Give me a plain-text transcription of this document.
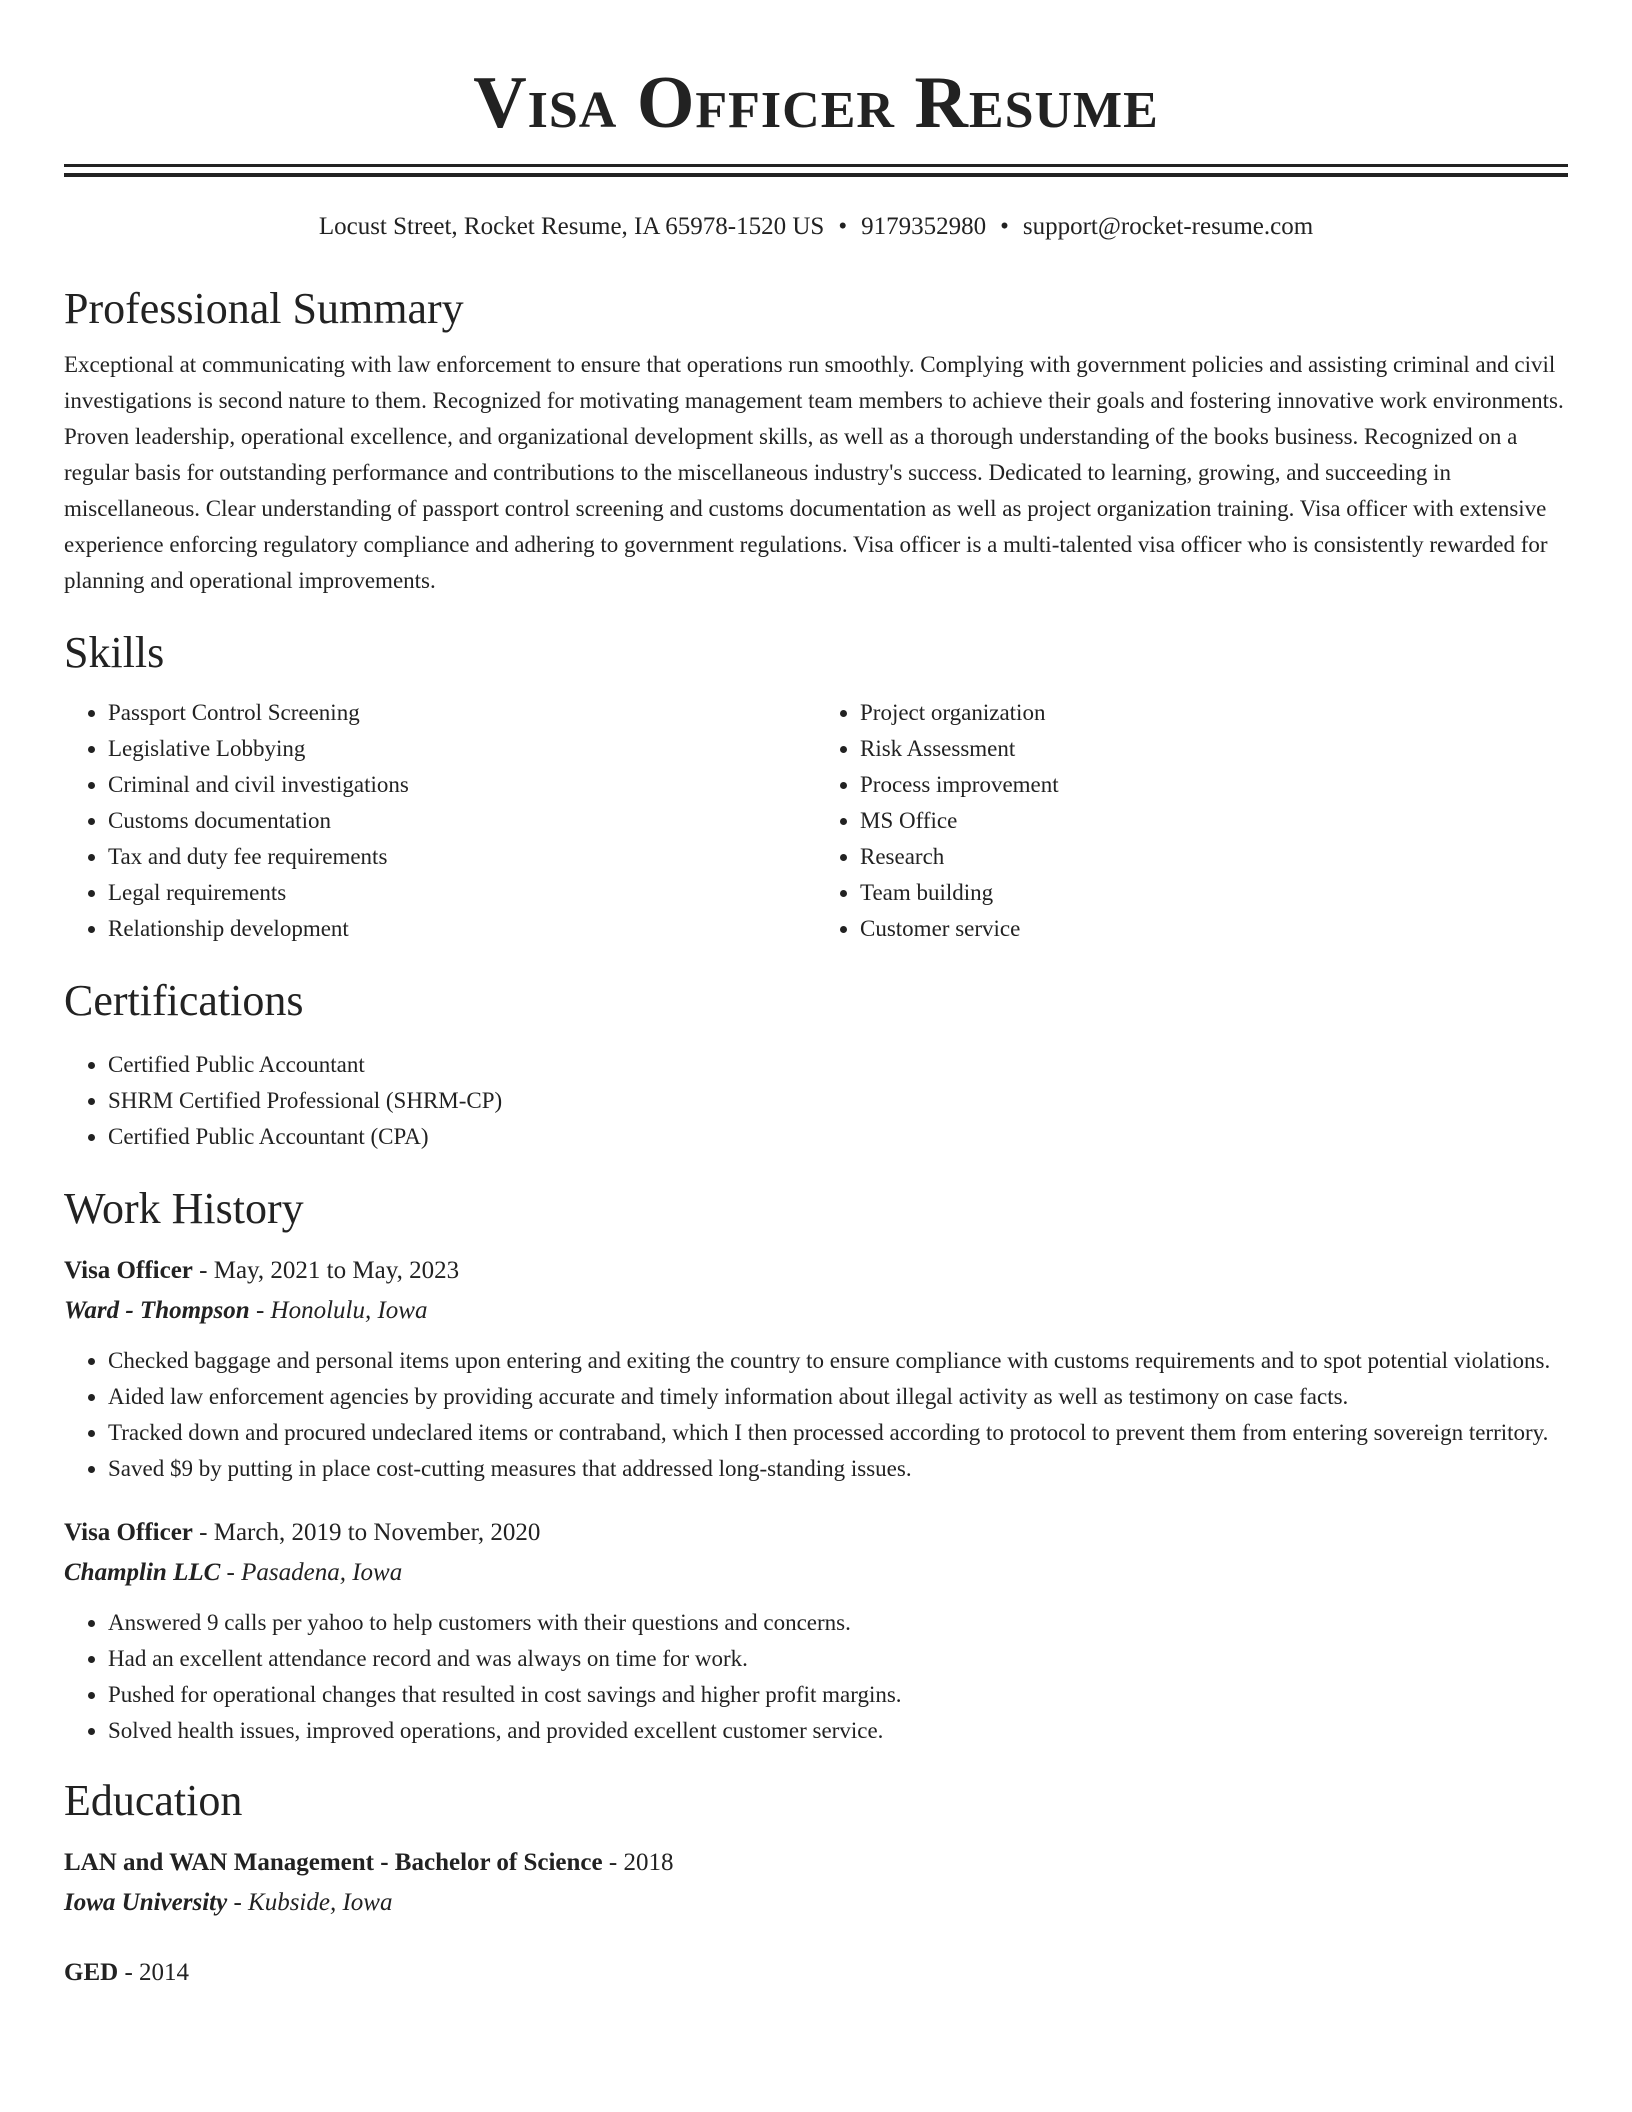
Visa Officer Resume
Locust Street, Rocket Resume, IA 65978-1520 US • 9179352980 • support@rocket-resume.com
Professional Summary

Exceptional at communicating with law enforcement to ensure that operations run smoothly. Complying with government policies and assisting criminal and civil investigations is second nature to them. Recognized for motivating management team members to achieve their goals and fostering innovative work environments. Proven leadership, operational excellence, and organizational development skills, as well as a thorough understanding of the books business. Recognized on a regular basis for outstanding performance and contributions to the miscellaneous industry's success. Dedicated to learning, growing, and succeeding in miscellaneous. Clear understanding of passport control screening and customs documentation as well as project organization training. Visa officer with extensive experience enforcing regulatory compliance and adhering to government regulations. Visa officer is a multi-talented visa officer who is consistently rewarded for planning and operational improvements.

Skills
• Passport Control Screening
• Legislative Lobbying
• Criminal and civil investigations
• Customs documentation
• Tax and duty fee requirements
• Legal requirements
• Relationship development
• Project organization
• Risk Assessment
• Process improvement
• MS Office
• Research
• Team building
• Customer service
Certifications
• Certified Public Accountant
• SHRM Certified Professional (SHRM-CP)
• Certified Public Accountant (CPA)
Work History
Visa Officer - May, 2021 to May, 2023
Ward - Thompson - Honolulu, Iowa
• Checked baggage and personal items upon entering and exiting the country to ensure compliance with customs requirements and to spot potential violations.
• Aided law enforcement agencies by providing accurate and timely information about illegal activity as well as testimony on case facts.
• Tracked down and procured undeclared items or contraband, which I then processed according to protocol to prevent them from entering sovereign territory.
• Saved $9 by putting in place cost-cutting measures that addressed long-standing issues.
Visa Officer - March, 2019 to November, 2020
Champlin LLC - Pasadena, Iowa
• Answered 9 calls per yahoo to help customers with their questions and concerns.
• Had an excellent attendance record and was always on time for work.
• Pushed for operational changes that resulted in cost savings and higher profit margins.
• Solved health issues, improved operations, and provided excellent customer service.
Education
LAN and WAN Management - Bachelor of Science - 2018
Iowa University - Kubside, Iowa
GED - 2014
